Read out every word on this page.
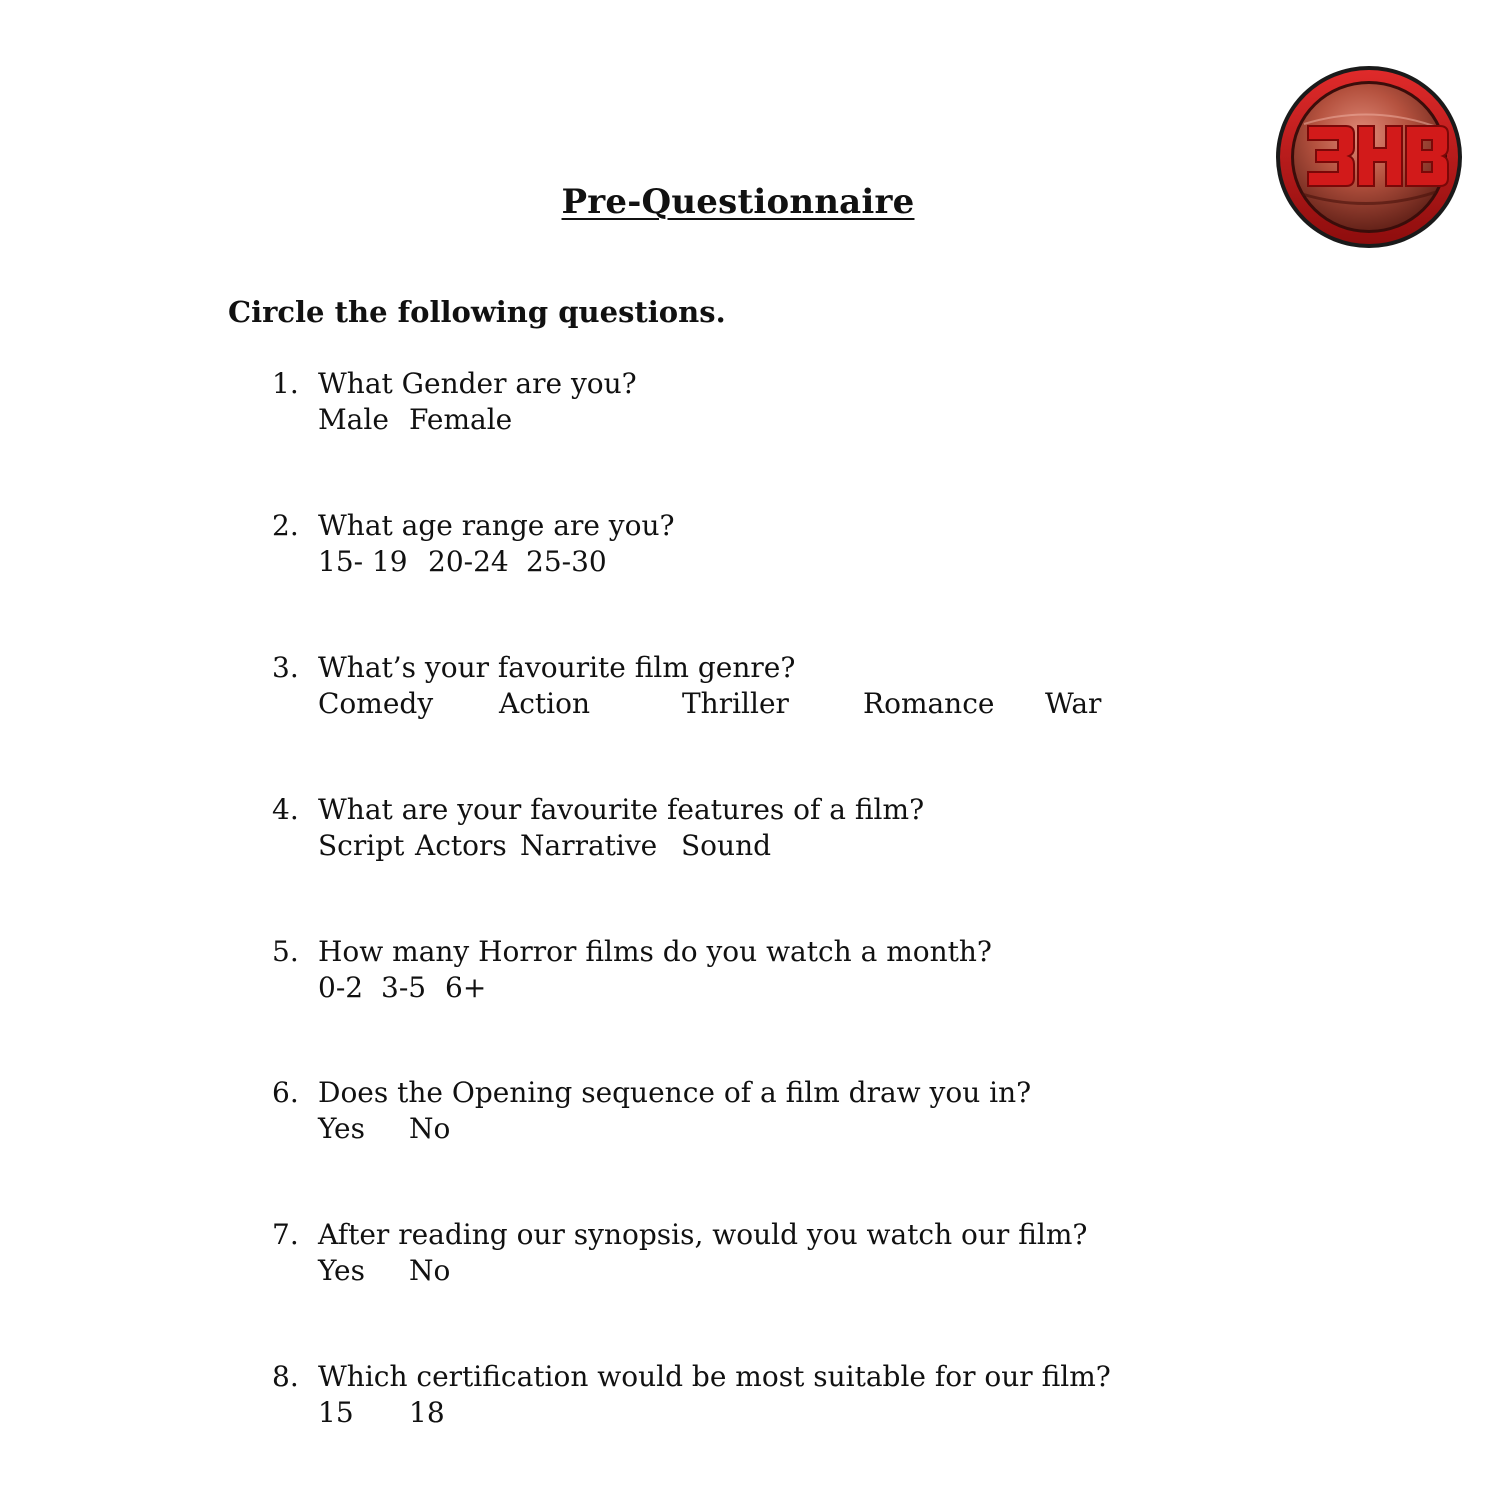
Pre-Questionnaire
Circle the following questions.
1. What Gender are you?
Male Female
2. What age range are you?
15- 19 20-24 25-30
3. What’s your favourite film genre?
Comedy Action	Thriller	Romance War
4. What are your favourite features of a film?
Script Actors Narrative Sound
5. How many Horror films do you watch a month?
0-2 3-5 6+
6. Does the Opening sequence of a film draw you in?
Yes No
7. After reading our synopsis, would you watch our film?
Yes No
8. Which certification would be most suitable for our film?
15 18
